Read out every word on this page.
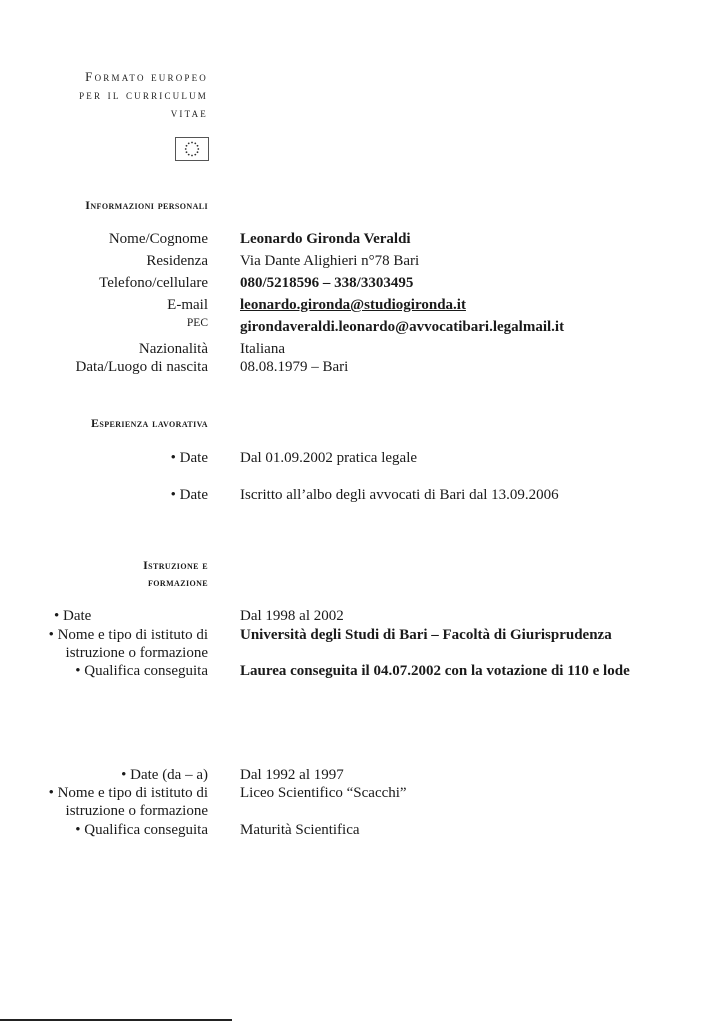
Formato europeo
per il curriculum
vitae
Informazioni personali
Nome/Cognome Leonardo Gironda Veraldi
Residenza Via Dante Alighieri n°78 Bari
Telefono/cellulare 080/5218596 – 338/3303495
E-mail leonardo.gironda@studiogironda.it
PEC girondaveraldi.leonardo@avvocatibari.legalmail.it
Nazionalità Italiana
Data/Luogo di nascita 08.08.1979 – Bari
Esperienza lavorativa
• Date Dal 01.09.2002 pratica legale
• Date Iscritto all’albo degli avvocati di Bari dal 13.09.2006
Istruzione e
formazione
• Date	Dal 1998 al 2002
• Nome e tipo di istituto di Università degli Studi di Bari – Facoltà di Giurisprudenza
istruzione o formazione
• Qualifica conseguita Laurea conseguita il 04.07.2002 con la votazione di 110 e lode
• Date (da – a) Dal 1992 al 1997
• Nome e tipo di istituto di Liceo Scientifico “Scacchi”
istruzione o formazione
• Qualifica conseguita Maturità Scientifica
